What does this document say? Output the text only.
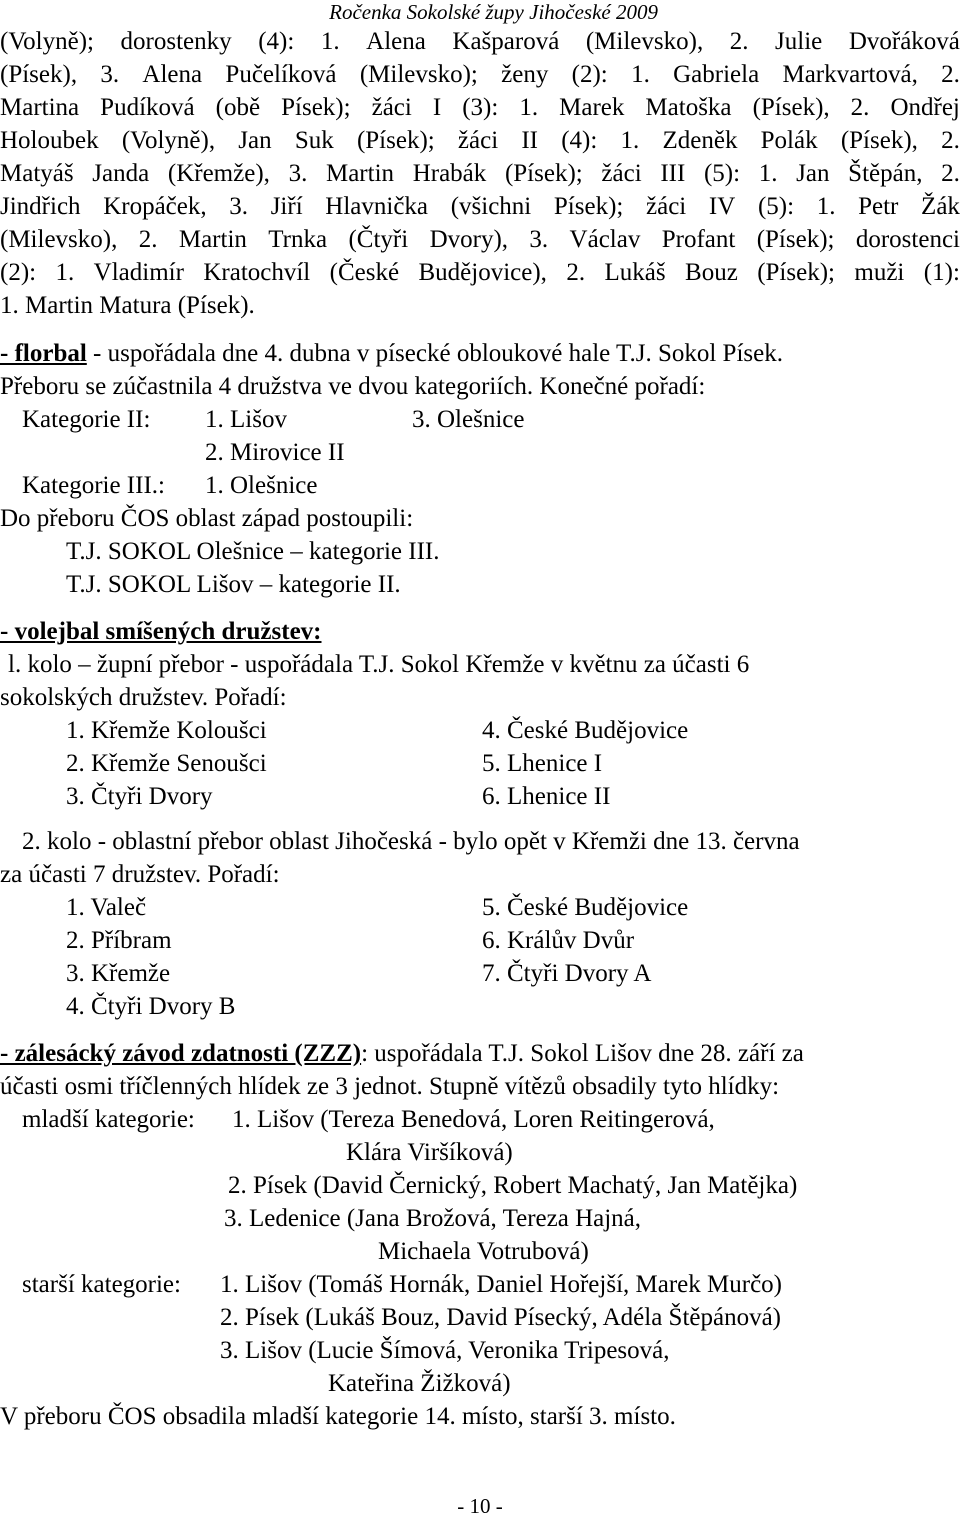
Ročenka Sokolské župy Jihočeské 2009
(Volyně); dorostenky (4): 1. Alena Kašparová (Milevsko), 2. Julie Dvořáková
(Písek), 3. Alena Pučelíková (Milevsko); ženy (2): 1. Gabriela Markvartová, 2.
Martina Pudíková (obě Písek); žáci I (3): 1. Marek Matoška (Písek), 2. Ondřej
Holoubek (Volyně), Jan Suk (Písek); žáci II (4): 1. Zdeněk Polák (Písek), 2.
Matyáš Janda (Křemže), 3. Martin Hrabák (Písek); žáci III (5): 1. Jan Štěpán, 2.
Jindřich Kropáček, 3. Jiří Hlavnička (všichni Písek); žáci IV (5): 1. Petr Žák
(Milevsko), 2. Martin Trnka (Čtyři Dvory), 3. Václav Profant (Písek); dorostenci
(2): 1. Vladimír Kratochvíl (České Budějovice), 2. Lukáš Bouz (Písek); muži (1):
1. Martin Matura (Písek).
- florbal - uspořádala dne 4. dubna v písecké obloukové hale T.J. Sokol Písek.
Přeboru se zúčastnila 4 družstva ve dvou kategoriích. Konečné pořadí:
Kategorie II: 1. Lišov	3. Olešnice
2. Mirovice II
Kategorie III.: 1. Olešnice
Do přeboru ČOS oblast západ postoupili:
T.J. SOKOL Olešnice – kategorie III.
T.J. SOKOL Lišov – kategorie II.
- volejbal smíšených družstev:
l. kolo – župní přebor - uspořádala T.J. Sokol Křemže v květnu za účasti 6
sokolských družstev. Pořadí:
1. Křemže Koloušci	4. České Budějovice
2. Křemže Senoušci	5. Lhenice I
3. Čtyři Dvory	6. Lhenice II
2. kolo - oblastní přebor oblast Jihočeská - bylo opět v Křemži dne 13. června
za účasti 7 družstev. Pořadí:
1. Valeč	5. České Budějovice
2. Příbram	6. Králův Dvůr
3. Křemže	7. Čtyři Dvory A
4. Čtyři Dvory B
- zálesácký závod zdatnosti (ZZZ): uspořádala T.J. Sokol Lišov dne 28. září za
účasti osmi tříčlenných hlídek ze 3 jednot. Stupně vítězů obsadily tyto hlídky:
mladší kategorie: 1. Lišov (Tereza Benedová, Loren Reitingerová,
Klára Viršíková)
2. Písek (David Černický, Robert Machatý, Jan Matějka)
3. Ledenice (Jana Brožová, Tereza Hajná,
Michaela Votrubová)
starší kategorie: 1. Lišov (Tomáš Hornák, Daniel Hořejší, Marek Murčo)
2. Písek (Lukáš Bouz, David Písecký, Adéla Štěpánová)
3. Lišov (Lucie Šímová, Veronika Tripesová,
Kateřina Žižková)
V přeboru ČOS obsadila mladší kategorie 14. místo, starší 3. místo.
- 10 -
